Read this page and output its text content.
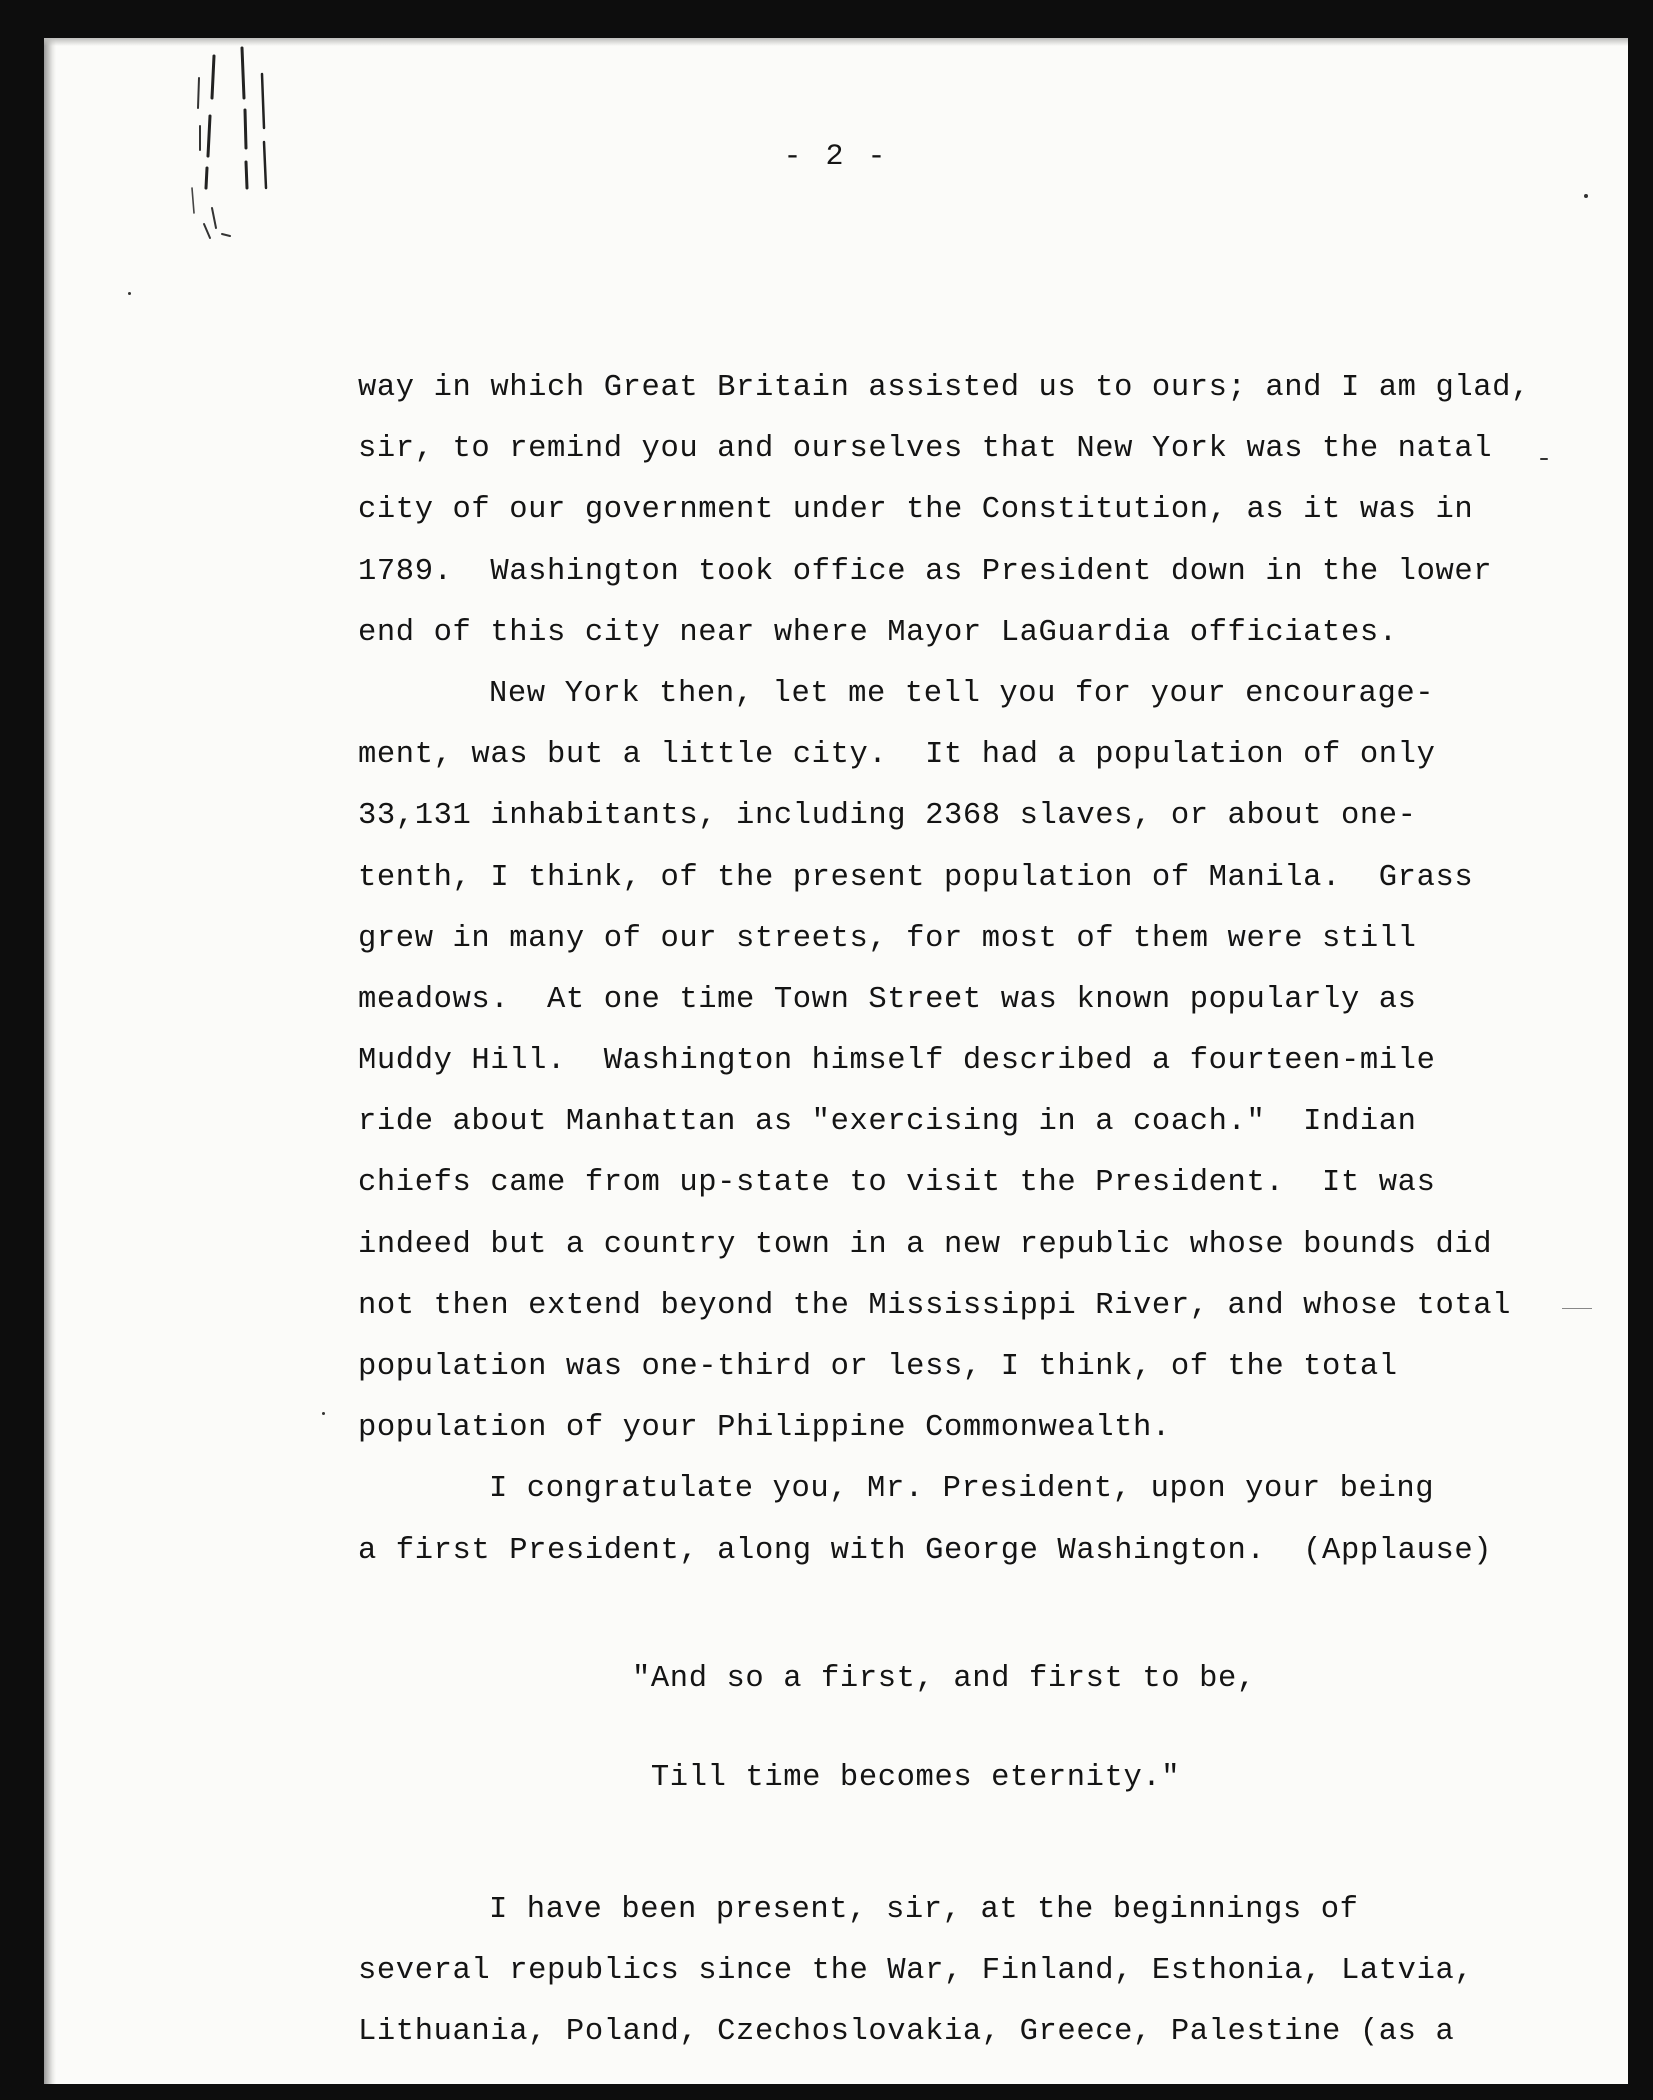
- 2 -
way in which Great Britain assisted us to ours; and I am glad,
sir, to remind you and ourselves that New York was the natal
city of our government under the Constitution, as it was in
1789.  Washington took office as President down in the lower
end of this city near where Mayor LaGuardia officiates.
New York then, let me tell you for your encourage-
ment, was but a little city.  It had a population of only
33,131 inhabitants, including 2368 slaves, or about one-
tenth, I think, of the present population of Manila.  Grass
grew in many of our streets, for most of them were still
meadows.  At one time Town Street was known popularly as
Muddy Hill.  Washington himself described a fourteen-mile
ride about Manhattan as "exercising in a coach."  Indian
chiefs came from up-state to visit the President.  It was
indeed but a country town in a new republic whose bounds did
not then extend beyond the Mississippi River, and whose total
population was one-third or less, I think, of the total
population of your Philippine Commonwealth.
I congratulate you, Mr. President, upon your being
a first President, along with George Washington.  (Applause)

"And so a first, and first to be,

Till time becomes eternity."

I have been present, sir, at the beginnings of
several republics since the War, Finland, Esthonia, Latvia,
Lithuania, Poland, Czechoslovakia, Greece, Palestine (as a
